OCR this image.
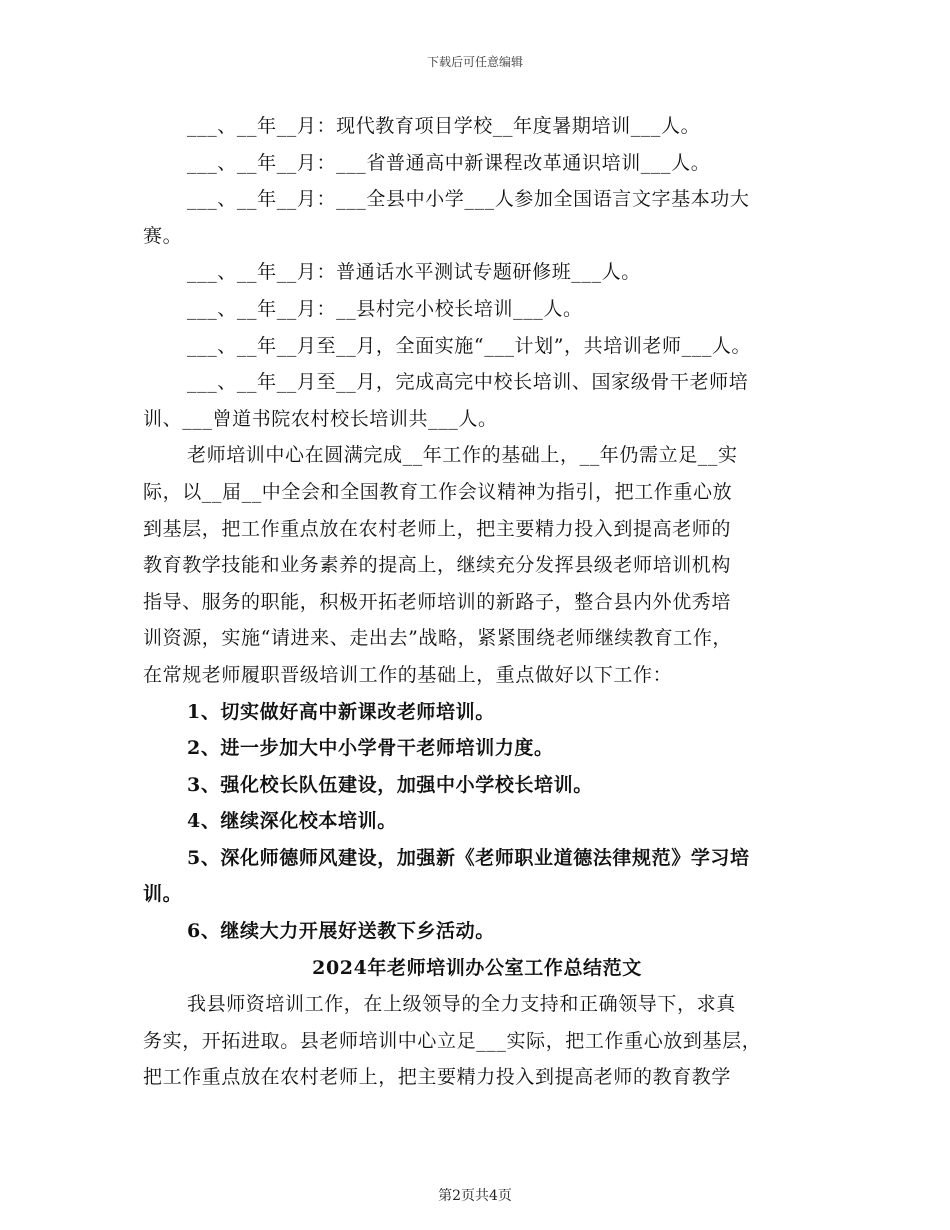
下载后可任意编辑
___、__年__月：现代教育项目学校__年度暑期培训___人。
___、__年__月：___省普通高中新课程改革通识培训___人。
___、__年__月：___全县中小学___人参加全国语言文字基本功大
赛。
___、__年__月：普通话水平测试专题研修班___人。
___、__年__月：__县村完小校长培训___人。
___、__年__月至__月，全面实施“___计划”，共培训老师___人。
___、__年__月至__月，完成高完中校长培训、国家级骨干老师培
训、___曾道书院农村校长培训共___人。
老师培训中心在圆满完成__年工作的基础上，__年仍需立足__实
际，以__届__中全会和全国教育工作会议精神为指引，把工作重心放
到基层，把工作重点放在农村老师上，把主要精力投入到提高老师的
教育教学技能和业务素养的提高上，继续充分发挥县级老师培训机构
指导、服务的职能，积极开拓老师培训的新路子，整合县内外优秀培
训资源，实施“请进来、走出去”战略，紧紧围绕老师继续教育工作，
在常规老师履职晋级培训工作的基础上，重点做好以下工作：
1、切实做好高中新课改老师培训。
2、进一步加大中小学骨干老师培训力度。
3、强化校长队伍建设，加强中小学校长培训。
4、继续深化校本培训。
5、深化师德师风建设，加强新《老师职业道德法律规范》学习培
训。
6、继续大力开展好送教下乡活动。
2024年老师培训办公室工作总结范文
我县师资培训工作，在上级领导的全力支持和正确领导下，求真
务实，开拓进取。县老师培训中心立足___实际，把工作重心放到基层，
把工作重点放在农村老师上，把主要精力投入到提高老师的教育教学
第2页共4页
